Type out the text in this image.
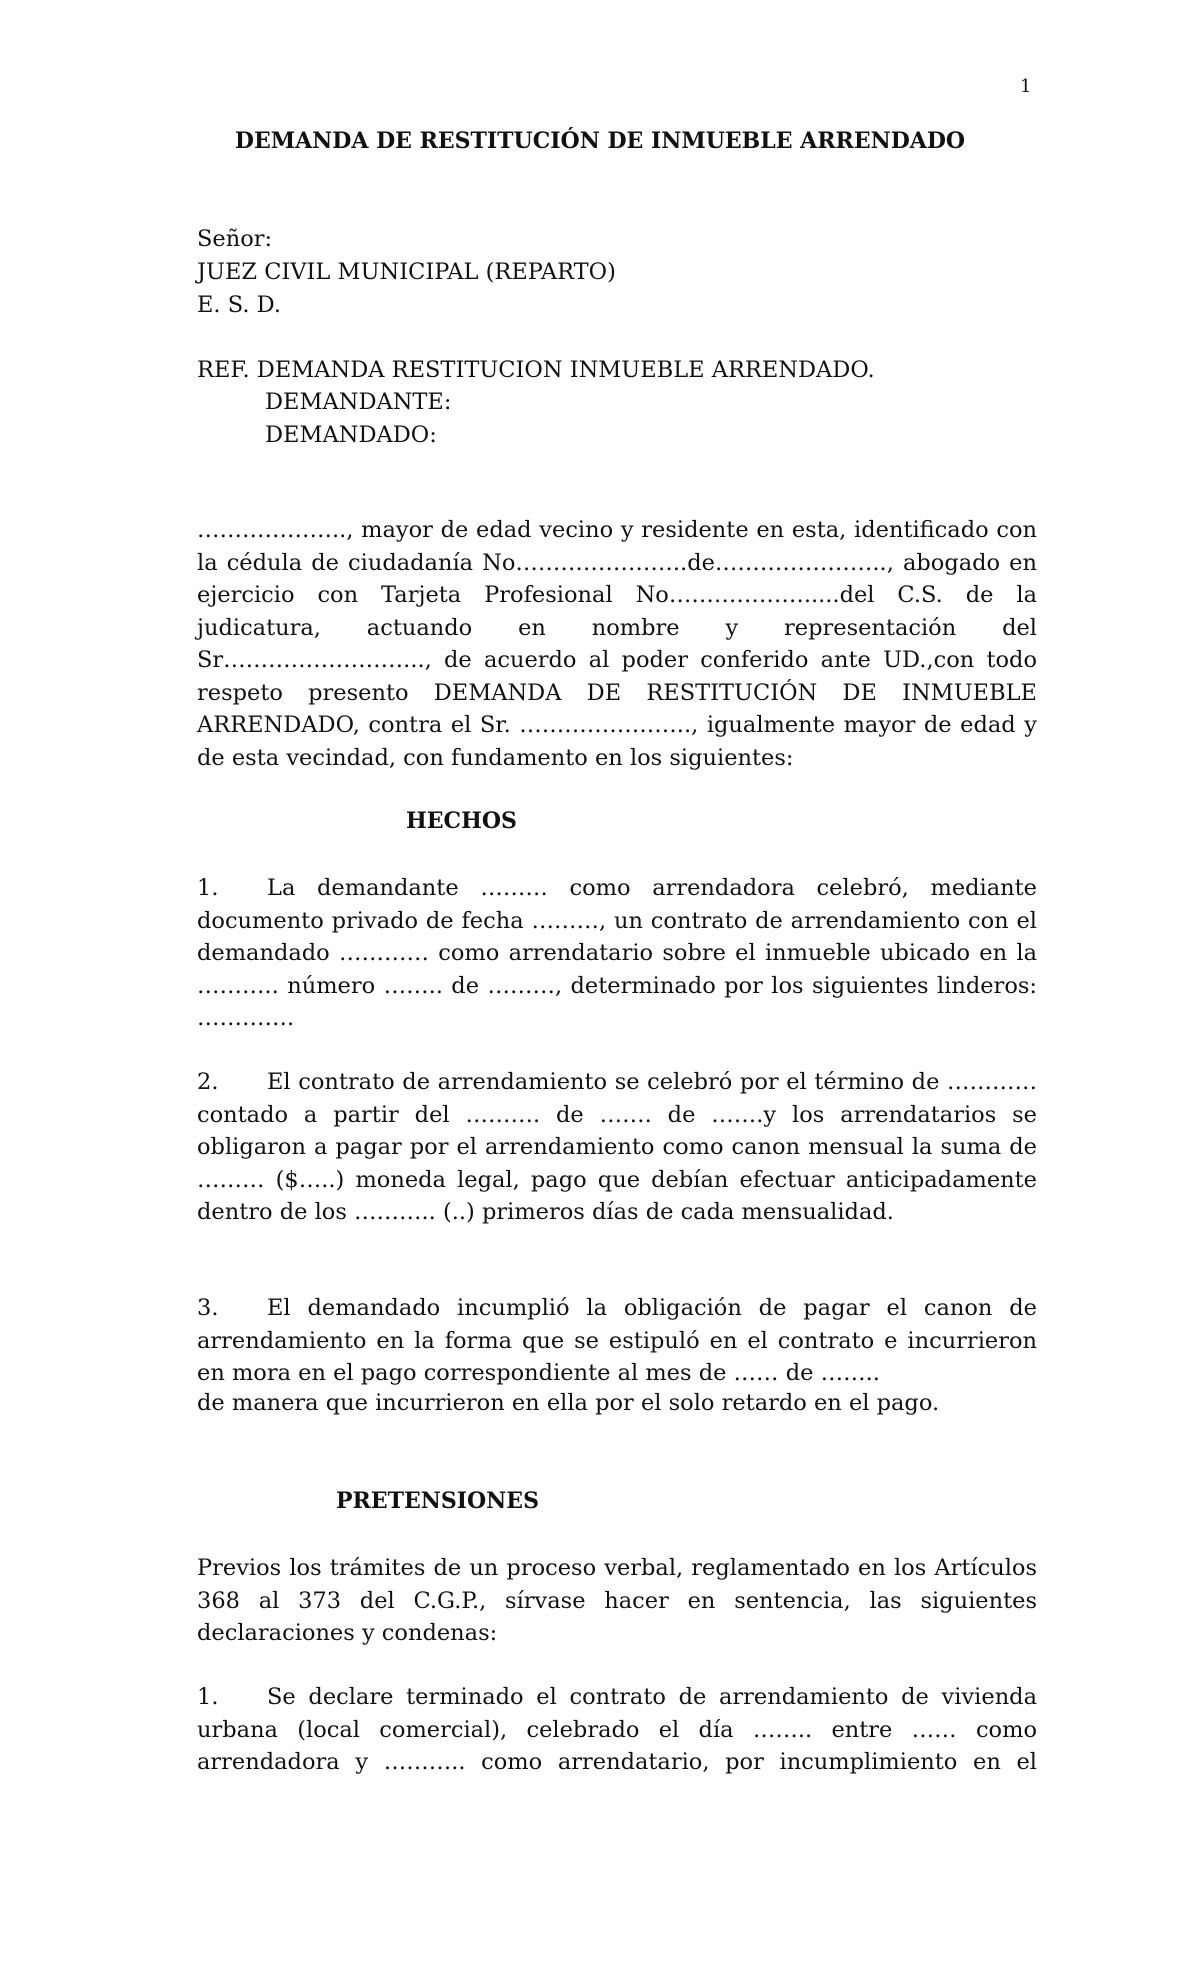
1
DEMANDA DE RESTITUCIÓN DE INMUEBLE ARRENDADO
Señor:
JUEZ CIVIL MUNICIPAL (REPARTO)
E. S. D.
REF. DEMANDA RESTITUCION INMUEBLE ARRENDADO.
DEMANDANTE:
DEMANDADO:
……………….., mayor de edad vecino y residente en esta, identificado con la cédula de ciudadanía No…………………..de………………….., abogado en ejercicio con Tarjeta Profesional No……………….....del C.S. de la judicatura, actuando en nombre y representación del Sr……………………..., de acuerdo al poder conferido ante UD.,con todo respeto presento DEMANDA DE RESTITUCIÓN DE INMUEBLE ARRENDADO, contra el Sr. ………………….., igualmente mayor de edad y de esta vecindad, con fundamento en los siguientes:
HECHOS
1. La demandante ……… como arrendadora celebró, mediante documento privado de fecha ………, un contrato de arrendamiento con el demandado ………… como arrendatario sobre el inmueble ubicado en la ……….. número …….. de ………, determinado por los siguientes linderos: ………….
2. El contrato de arrendamiento se celebró por el término de ………… contado a partir del ………. de ……. de …….y los arrendatarios se obligaron a pagar por el arrendamiento como canon mensual la suma de ……… ($…..) moneda legal, pago que debían efectuar anticipadamente dentro de los ……….. (..) primeros días de cada mensualidad.
3. El demandado incumplió la obligación de pagar el canon de arrendamiento en la forma que se estipuló en el contrato e incurrieron en mora en el pago correspondiente al mes de …… de ……..
de manera que incurrieron en ella por el solo retardo en el pago.
PRETENSIONES
Previos los trámites de un proceso verbal, reglamentado en los Artículos 368 al 373 del C.G.P., sírvase hacer en sentencia, las siguientes declaraciones y condenas:
1. Se declare terminado el contrato de arrendamiento de vivienda urbana (local comercial), celebrado el día …….. entre …… como arrendadora y ……….. como arrendatario, por incumplimiento en el
